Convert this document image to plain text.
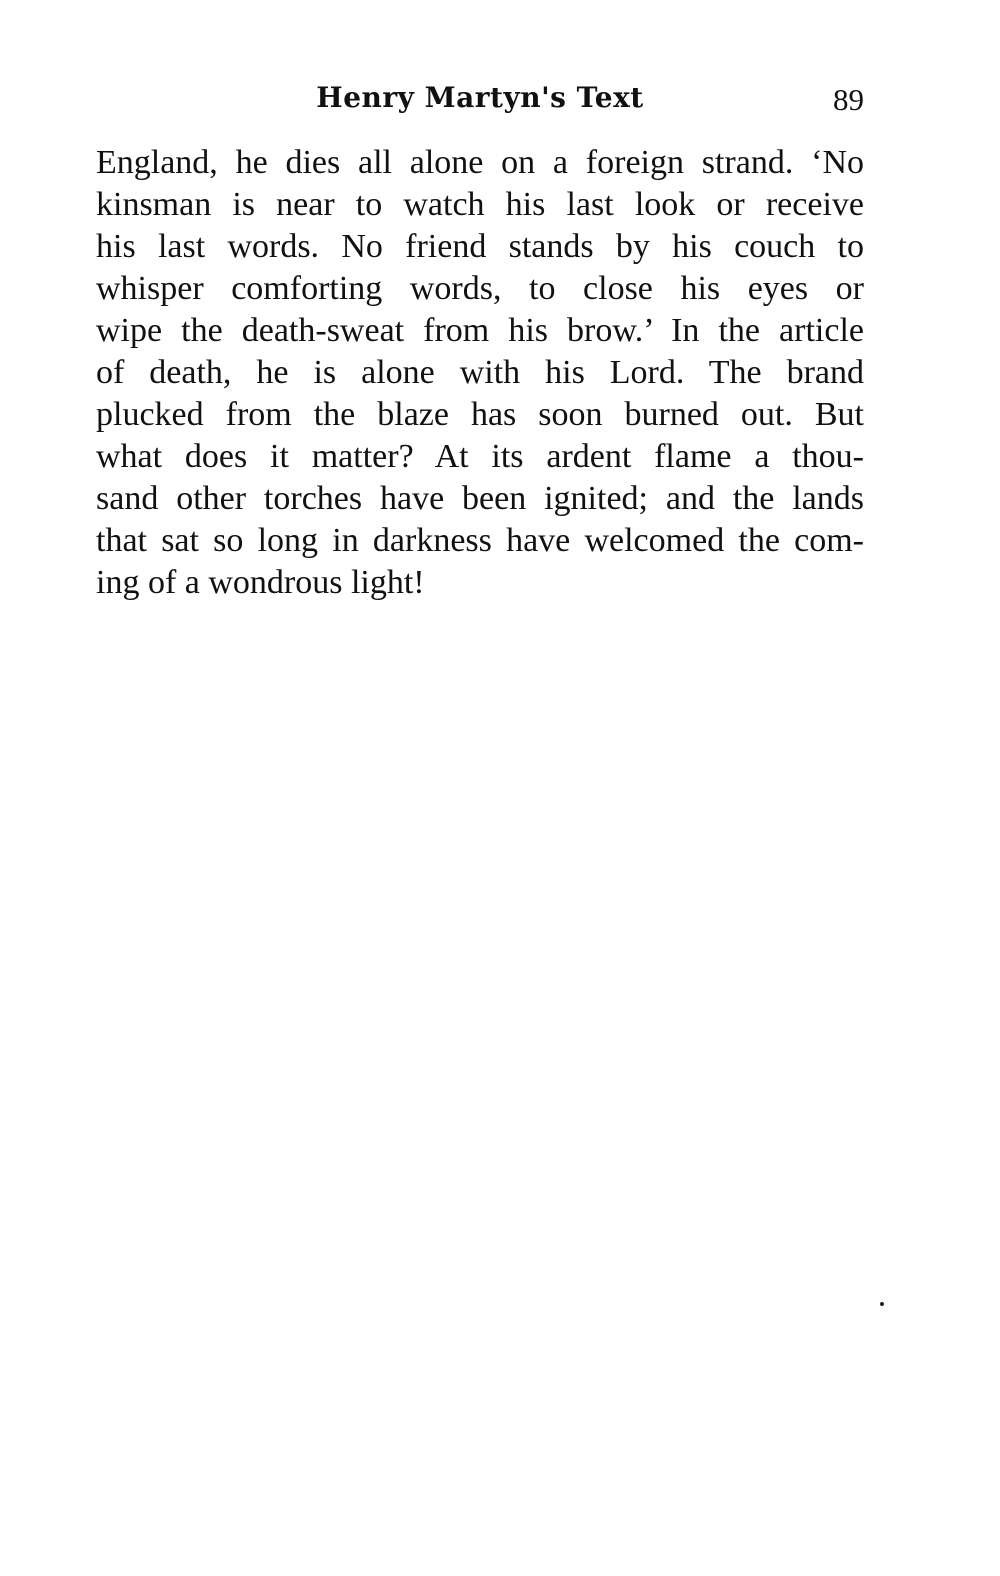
Henry Martyn's Text	89
England, he dies all alone on a foreign strand. ‘No
kinsman is near to watch his last look or receive
his last words. No friend stands by his couch to
whisper comforting words, to close his eyes or
wipe the death-sweat from his brow.’ In the article
of death, he is alone with his Lord. The brand
plucked from the blaze has soon burned out. But
what does it matter? At its ardent flame a thou-
sand other torches have been ignited; and the lands
that sat so long in darkness have welcomed the com-
ing of a wondrous light!
